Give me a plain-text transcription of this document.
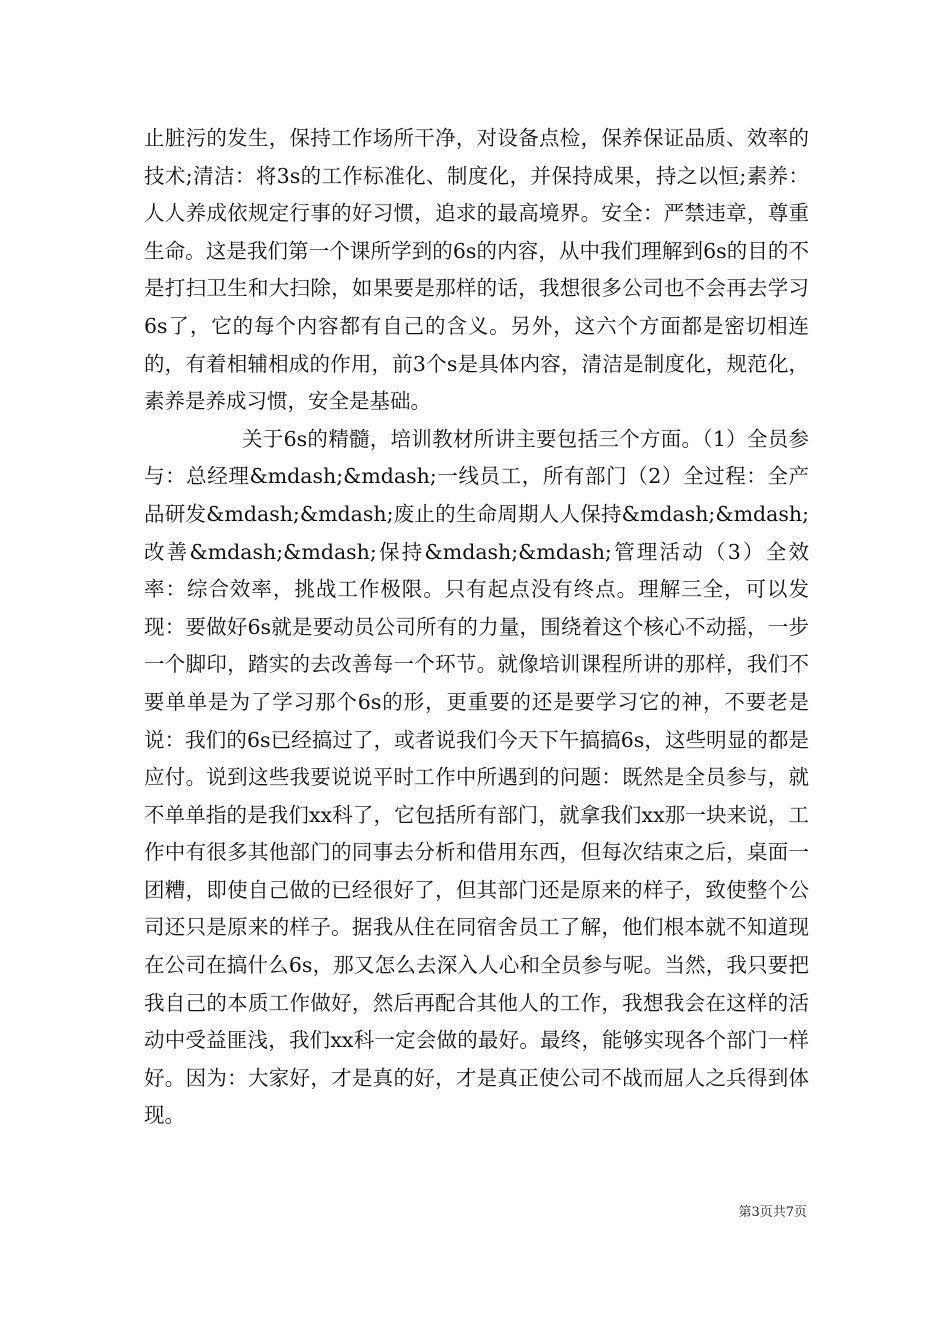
止脏污的发生，保持工作场所干净，对设备点检，保养保证品质、效率的技术;清洁：将3s的工作标准化、制度化，并保持成果，持之以恒;素养：人人养成依规定行事的好习惯，追求的最高境界。安全：严禁违章，尊重生命。这是我们第一个课所学到的6s的内容，从中我们理解到6s的目的不是打扫卫生和大扫除，如果要是那样的话，我想很多公司也不会再去学习6s了，它的每个内容都有自己的含义。另外，这六个方面都是密切相连的，有着相辅相成的作用，前3个s是具体内容，清洁是制度化，规范化，素养是养成习惯，安全是基础。

关于6s的精髓，培训教材所讲主要包括三个方面。（1）全员参与：总经理&mdash;&mdash;一线员工，所有部门（2）全过程：全产品研发&mdash;&mdash;废止的生命周期人人保持&mdash;&mdash;改善&mdash;&mdash;保持&mdash;&mdash;管理活动（3）全效率：综合效率，挑战工作极限。只有起点没有终点。理解三全，可以发现：要做好6s就是要动员公司所有的力量，围绕着这个核心不动摇，一步一个脚印，踏实的去改善每一个环节。就像培训课程所讲的那样，我们不要单单是为了学习那个6s的形，更重要的还是要学习它的神，不要老是说：我们的6s已经搞过了，或者说我们今天下午搞搞6s，这些明显的都是应付。说到这些我要说说平时工作中所遇到的问题：既然是全员参与，就不单单指的是我们xx科了，它包括所有部门，就拿我们xx那一块来说，工作中有很多其他部门的同事去分析和借用东西，但每次结束之后，桌面一团糟，即使自己做的已经很好了，但其部门还是原来的样子，致使整个公司还只是原来的样子。据我从住在同宿舍员工了解，他们根本就不知道现在公司在搞什么6s，那又怎么去深入人心和全员参与呢。当然，我只要把我自己的本质工作做好，然后再配合其他人的工作，我想我会在这样的活动中受益匪浅，我们xx科一定会做的最好。最终，能够实现各个部门一样好。因为：大家好，才是真的好，才是真正使公司不战而屈人之兵得到体现。

第3页共7页
